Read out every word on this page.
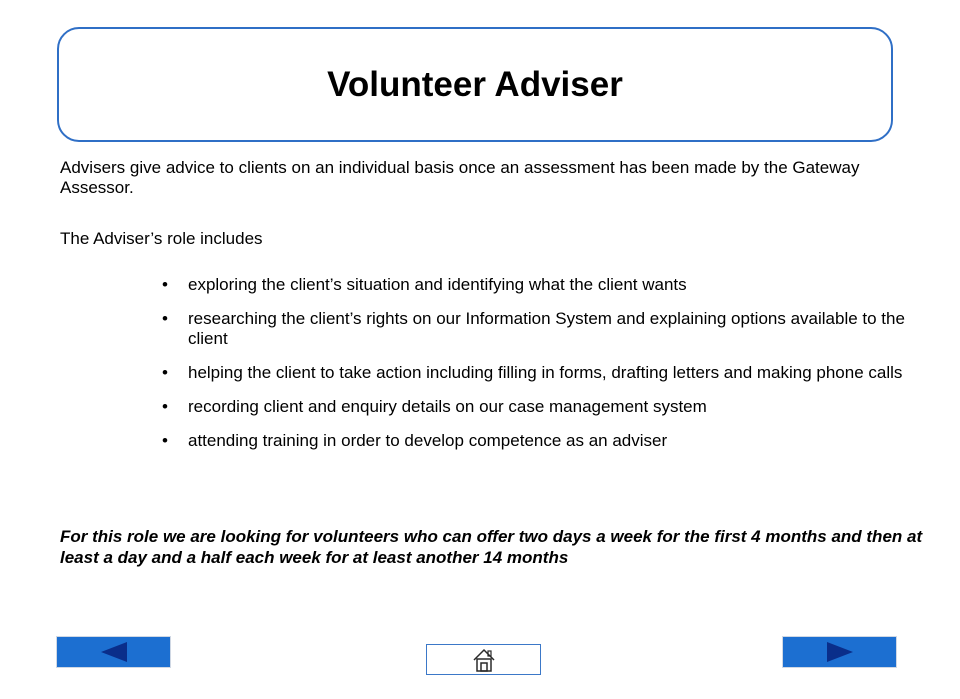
Volunteer Adviser

Advisers give advice to clients on an individual basis once an assessment has been made by the Gateway Assessor.

The Adviser’s role includes

• exploring the client’s situation and identifying what the client wants
• researching the client’s rights on our Information System and explaining options available to the client
• helping the client to take action including filling in forms, drafting letters and making phone calls
• recording client and enquiry details on our case management system
• attending training in order to develop competence as an adviser

For this role we are looking for volunteers who can offer two days a week for the first 4 months and then at least a day and a half each week for at least another 14 months
